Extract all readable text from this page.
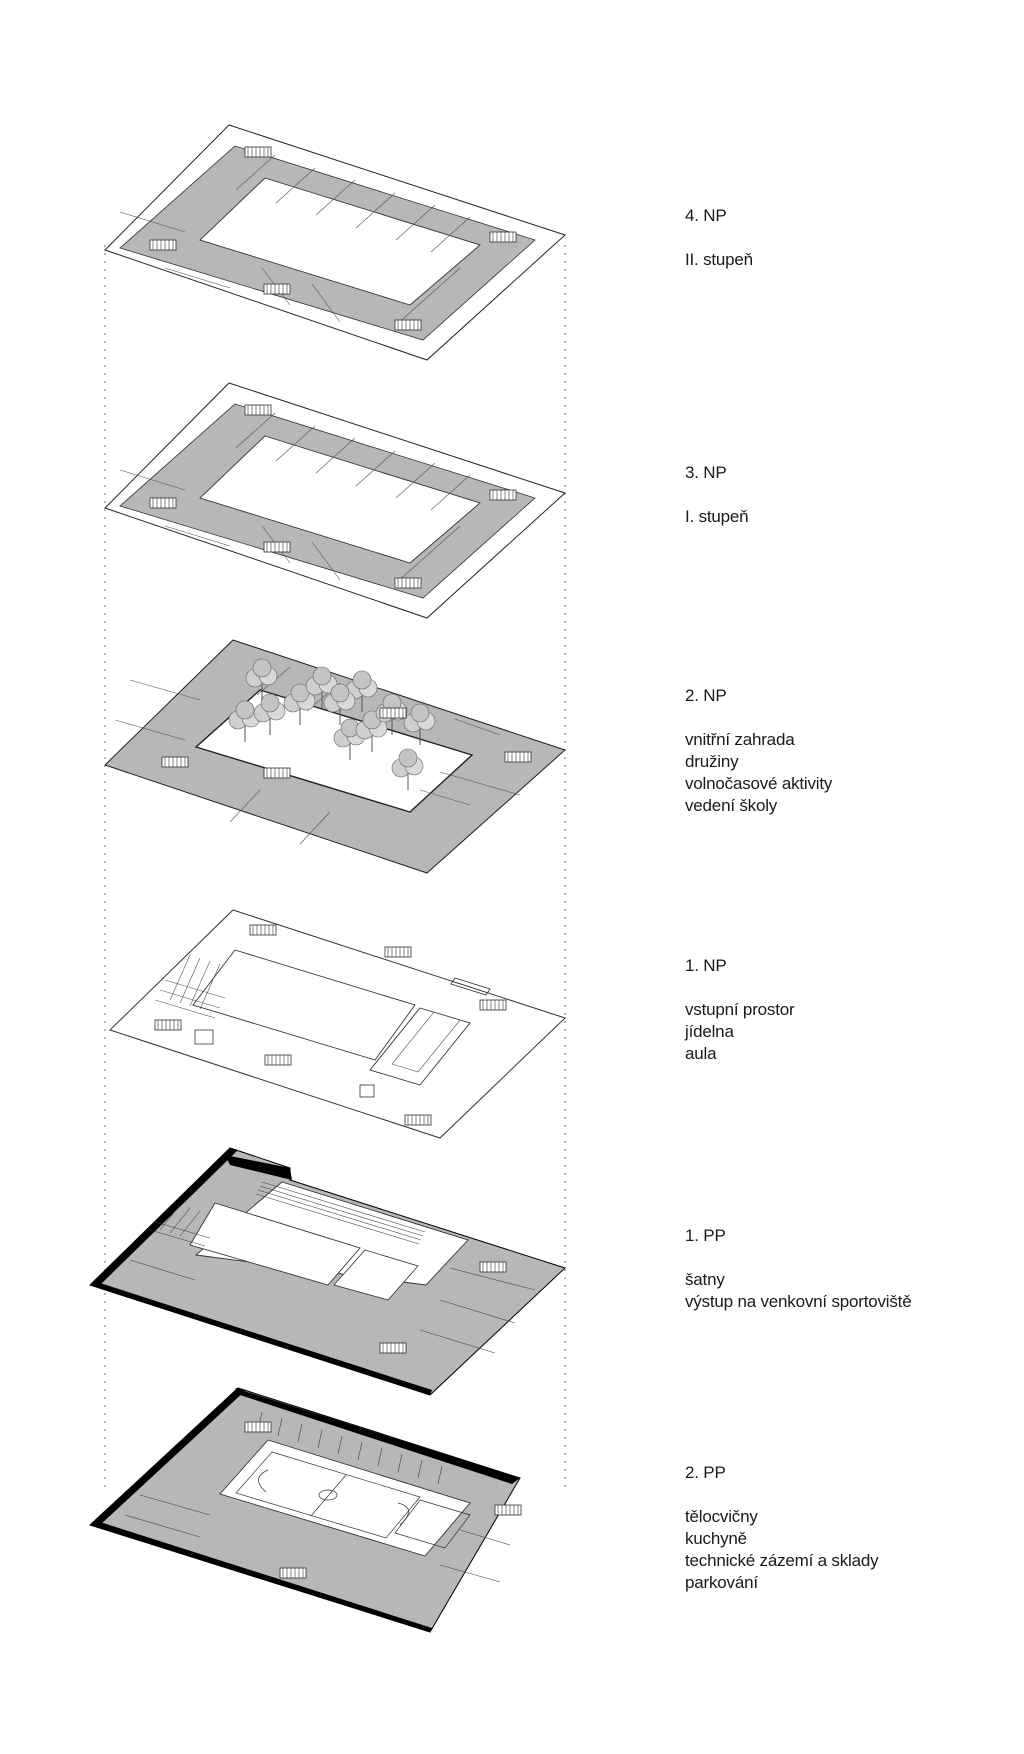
4. NP
II. stupeň
3. NP
I. stupeň
2. NP
vnitřní zahrada
družiny
volnočasové aktivity
vedení školy
1. NP
vstupní prostor
jídelna
aula
1. PP
šatny
výstup na venkovní sportoviště
2. PP
tělocvičny
kuchyně
technické zázemí a sklady
parkování
